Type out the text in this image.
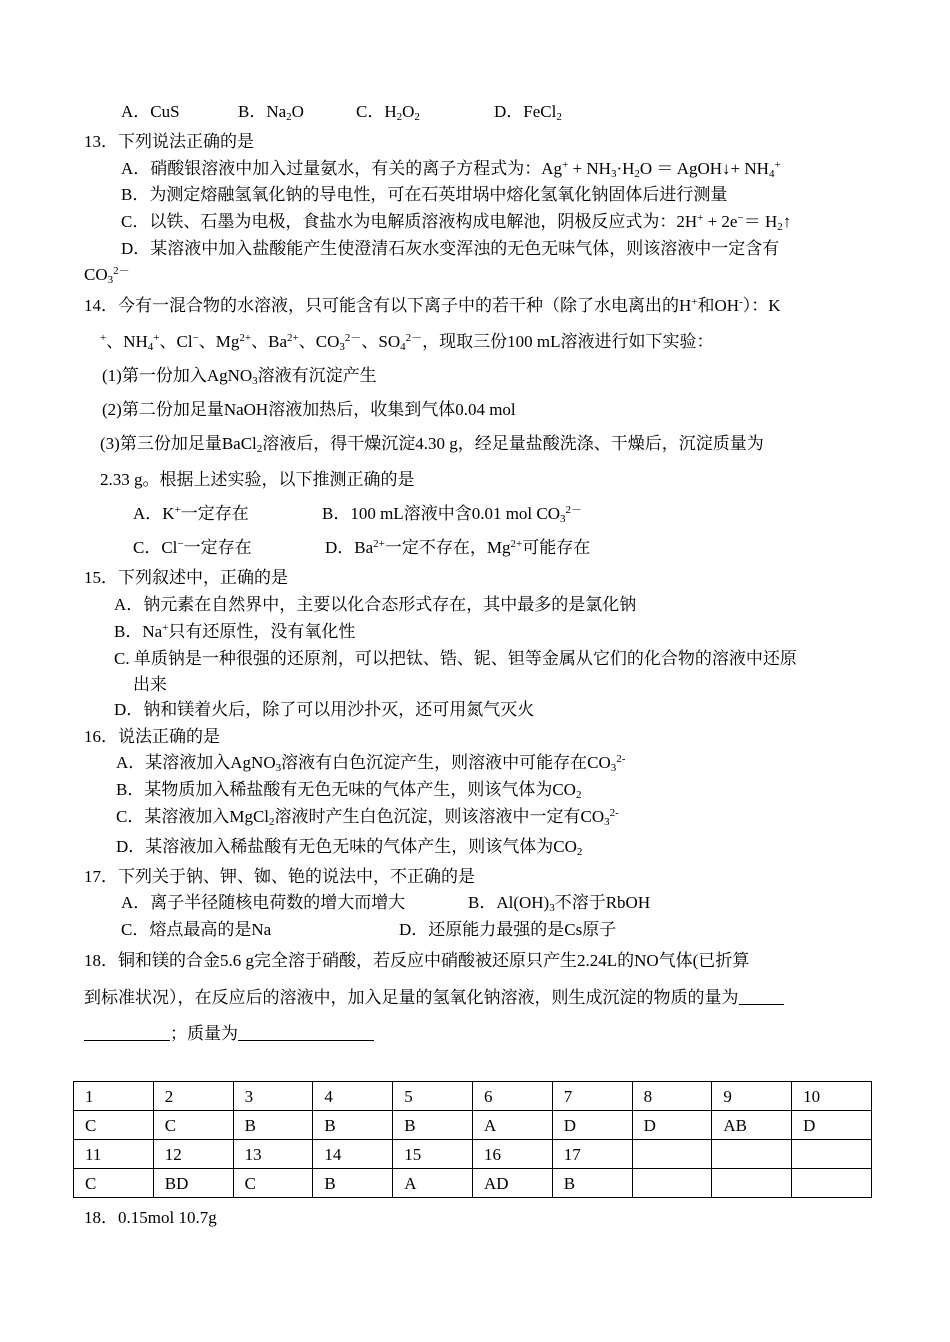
A．CuS	B．$Na_2O$	C．$H_2O_2$	D．FeCl$_2$
13．下列说法正确的是
A．硝酸银溶液中加入过量氨水，有关的离子方程式为：$Ag^+ + NH_3\cdot H_2O$ ＝ AgOH↓+ $NH_4^+$
B．为测定熔融氢氧化钠的导电性，可在石英坩埚中熔化氢氧化钠固体后进行测量
C．以铁、石墨为电极，食盐水为电解质溶液构成电解池，阴极反应式为：$2H^+ + 2e^-= H_2↑$
D．某溶液中加入盐酸能产生使澄清石灰水变浑浊的无色无味气体，则该溶液中一定含有
$CO_3^{2-}$
14．今有一混合物的水溶液，只可能含有以下离子中的若干种（除了水电离出的H+和OH-）：K
+、$NH_4^+$、Cl−、$Mg^{2+}$、$Ba^{2+}$、$CO_3^{2-}$、$SO_4^{2-}$，现取三份100 mL溶液进行如下实验：
(1)第一份加入AgNO$_3$溶液有沉淀产生
(2)第二份加足量NaOH溶液加热后，收集到气体0.04 mol
(3)第三份加足量BaCl$_2$溶液后，得干燥沉淀4.30 g，经足量盐酸洗涤、干燥后，沉淀质量为
2.33 g。根据上述实验，以下推测正确的是
A．K+一定存在	B．100 mL溶液中含0.01 mol $CO_3^{2-}$
C．Cl−一定存在	D．$Ba^{2+}$一定不存在，$Mg^{2+}$可能存在
15．下列叙述中，正确的是
A．钠元素在自然界中，主要以化合态形式存在，其中最多的是氯化钠
B．Na+只有还原性，没有氧化性
C. 单质钠是一种很强的还原剂，可以把钛、锆、铌、钽等金属从它们的化合物的溶液中还原
出来
D．钠和镁着火后，除了可以用沙扑灭，还可用氮气灭火
16．说法正确的是
A．某溶液加入AgNO$_3$溶液有白色沉淀产生，则溶液中可能存在$CO_3^{2-}$
B．某物质加入稀盐酸有无色无味的气体产生，则该气体为$CO_2$
C．某溶液加入MgCl$_2$溶液时产生白色沉淀，则该溶液中一定有$CO_3^{2-}$
D．某溶液加入稀盐酸有无色无味的气体产生，则该气体为$CO_2$
17．下列关于钠、钾、铷、铯的说法中，不正确的是
A．离子半径随核电荷数的增大而增大	B．$Al(OH)_3$不溶于RbOH
C．熔点最高的是Na	D．还原能力最强的是Cs原子
18．铜和镁的合金5.6 g完全溶于硝酸，若反应中硝酸被还原只产生2.24L的NO气体(已折算
到标准状况），在反应后的溶液中，加入足量的氢氧化钠溶液，则生成沉淀的物质的量为
；质量为
1	2	3	4	5	6	7	8	9	10
C	C	B	B	B	A	D	D	AB	D
11	12	13	14	15	16	17			
C	BD	C	B	A	AD	B			
18．0.15mol 10.7g
